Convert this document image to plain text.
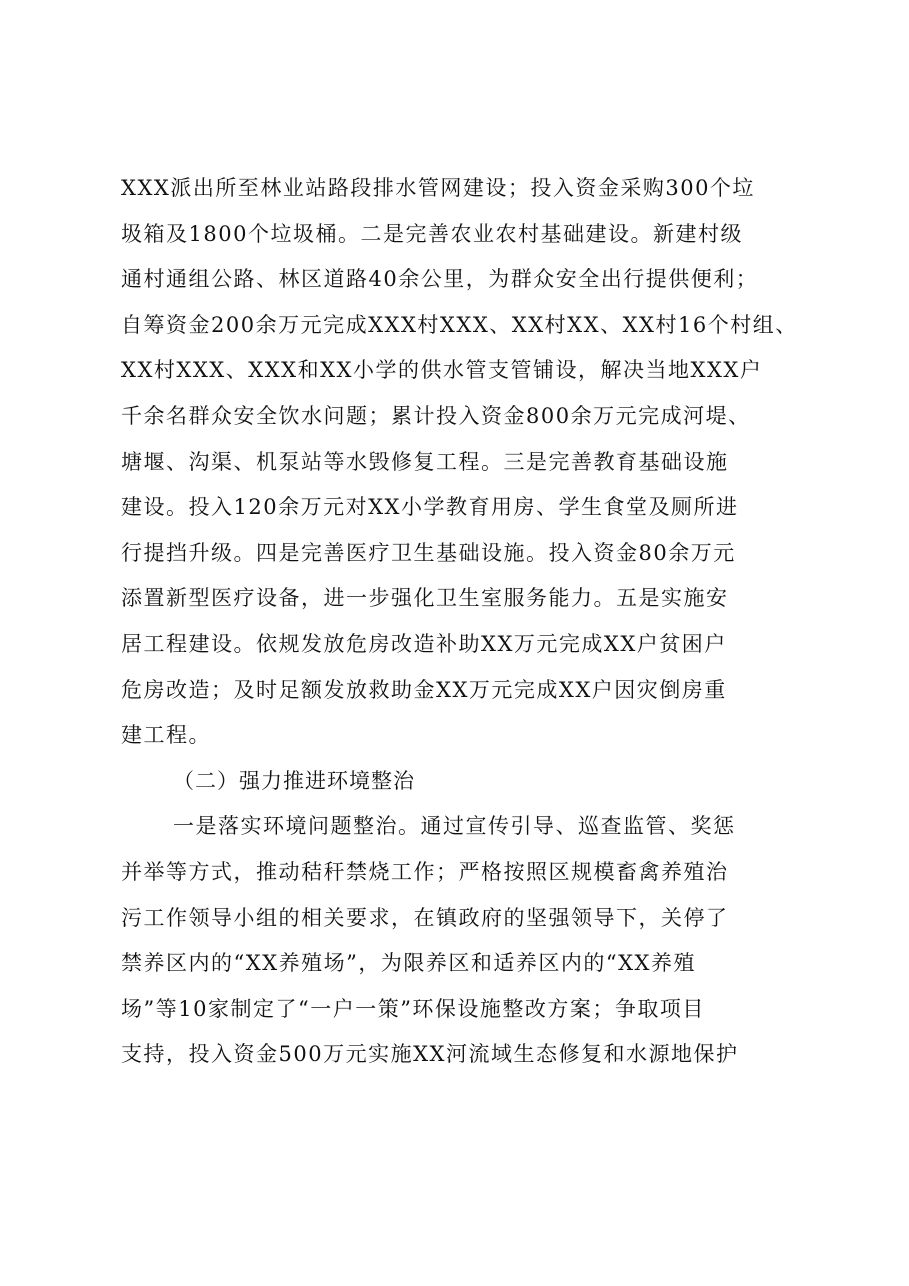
XXX派出所至林业站路段排水管网建设；投入资金采购300个垃
圾箱及1800个垃圾桶。二是完善农业农村基础建设。新建村级
通村通组公路、林区道路40余公里，为群众安全出行提供便利；
自筹资金200余万元完成XXX村XXX、XX村XX、XX村16个村组、
XX村XXX、XXX和XX小学的供水管支管铺设，解决当地XXX户
千余名群众安全饮水问题；累计投入资金800余万元完成河堤、
塘堰、沟渠、机泵站等水毁修复工程。三是完善教育基础设施
建设。投入120余万元对XX小学教育用房、学生食堂及厕所进
行提挡升级。四是完善医疗卫生基础设施。投入资金80余万元
添置新型医疗设备，进一步强化卫生室服务能力。五是实施安
居工程建设。依规发放危房改造补助XX万元完成XX户贫困户
危房改造；及时足额发放救助金XX万元完成XX户因灾倒房重
建工程。
（二）强力推进环境整治
一是落实环境问题整治。通过宣传引导、巡查监管、奖惩
并举等方式，推动秸秆禁烧工作；严格按照区规模畜禽养殖治
污工作领导小组的相关要求，在镇政府的坚强领导下，关停了
禁养区内的“XX养殖场”，为限养区和适养区内的“XX养殖
场”等10家制定了“一户一策”环保设施整改方案；争取项目
支持，投入资金500万元实施XX河流域生态修复和水源地保护
